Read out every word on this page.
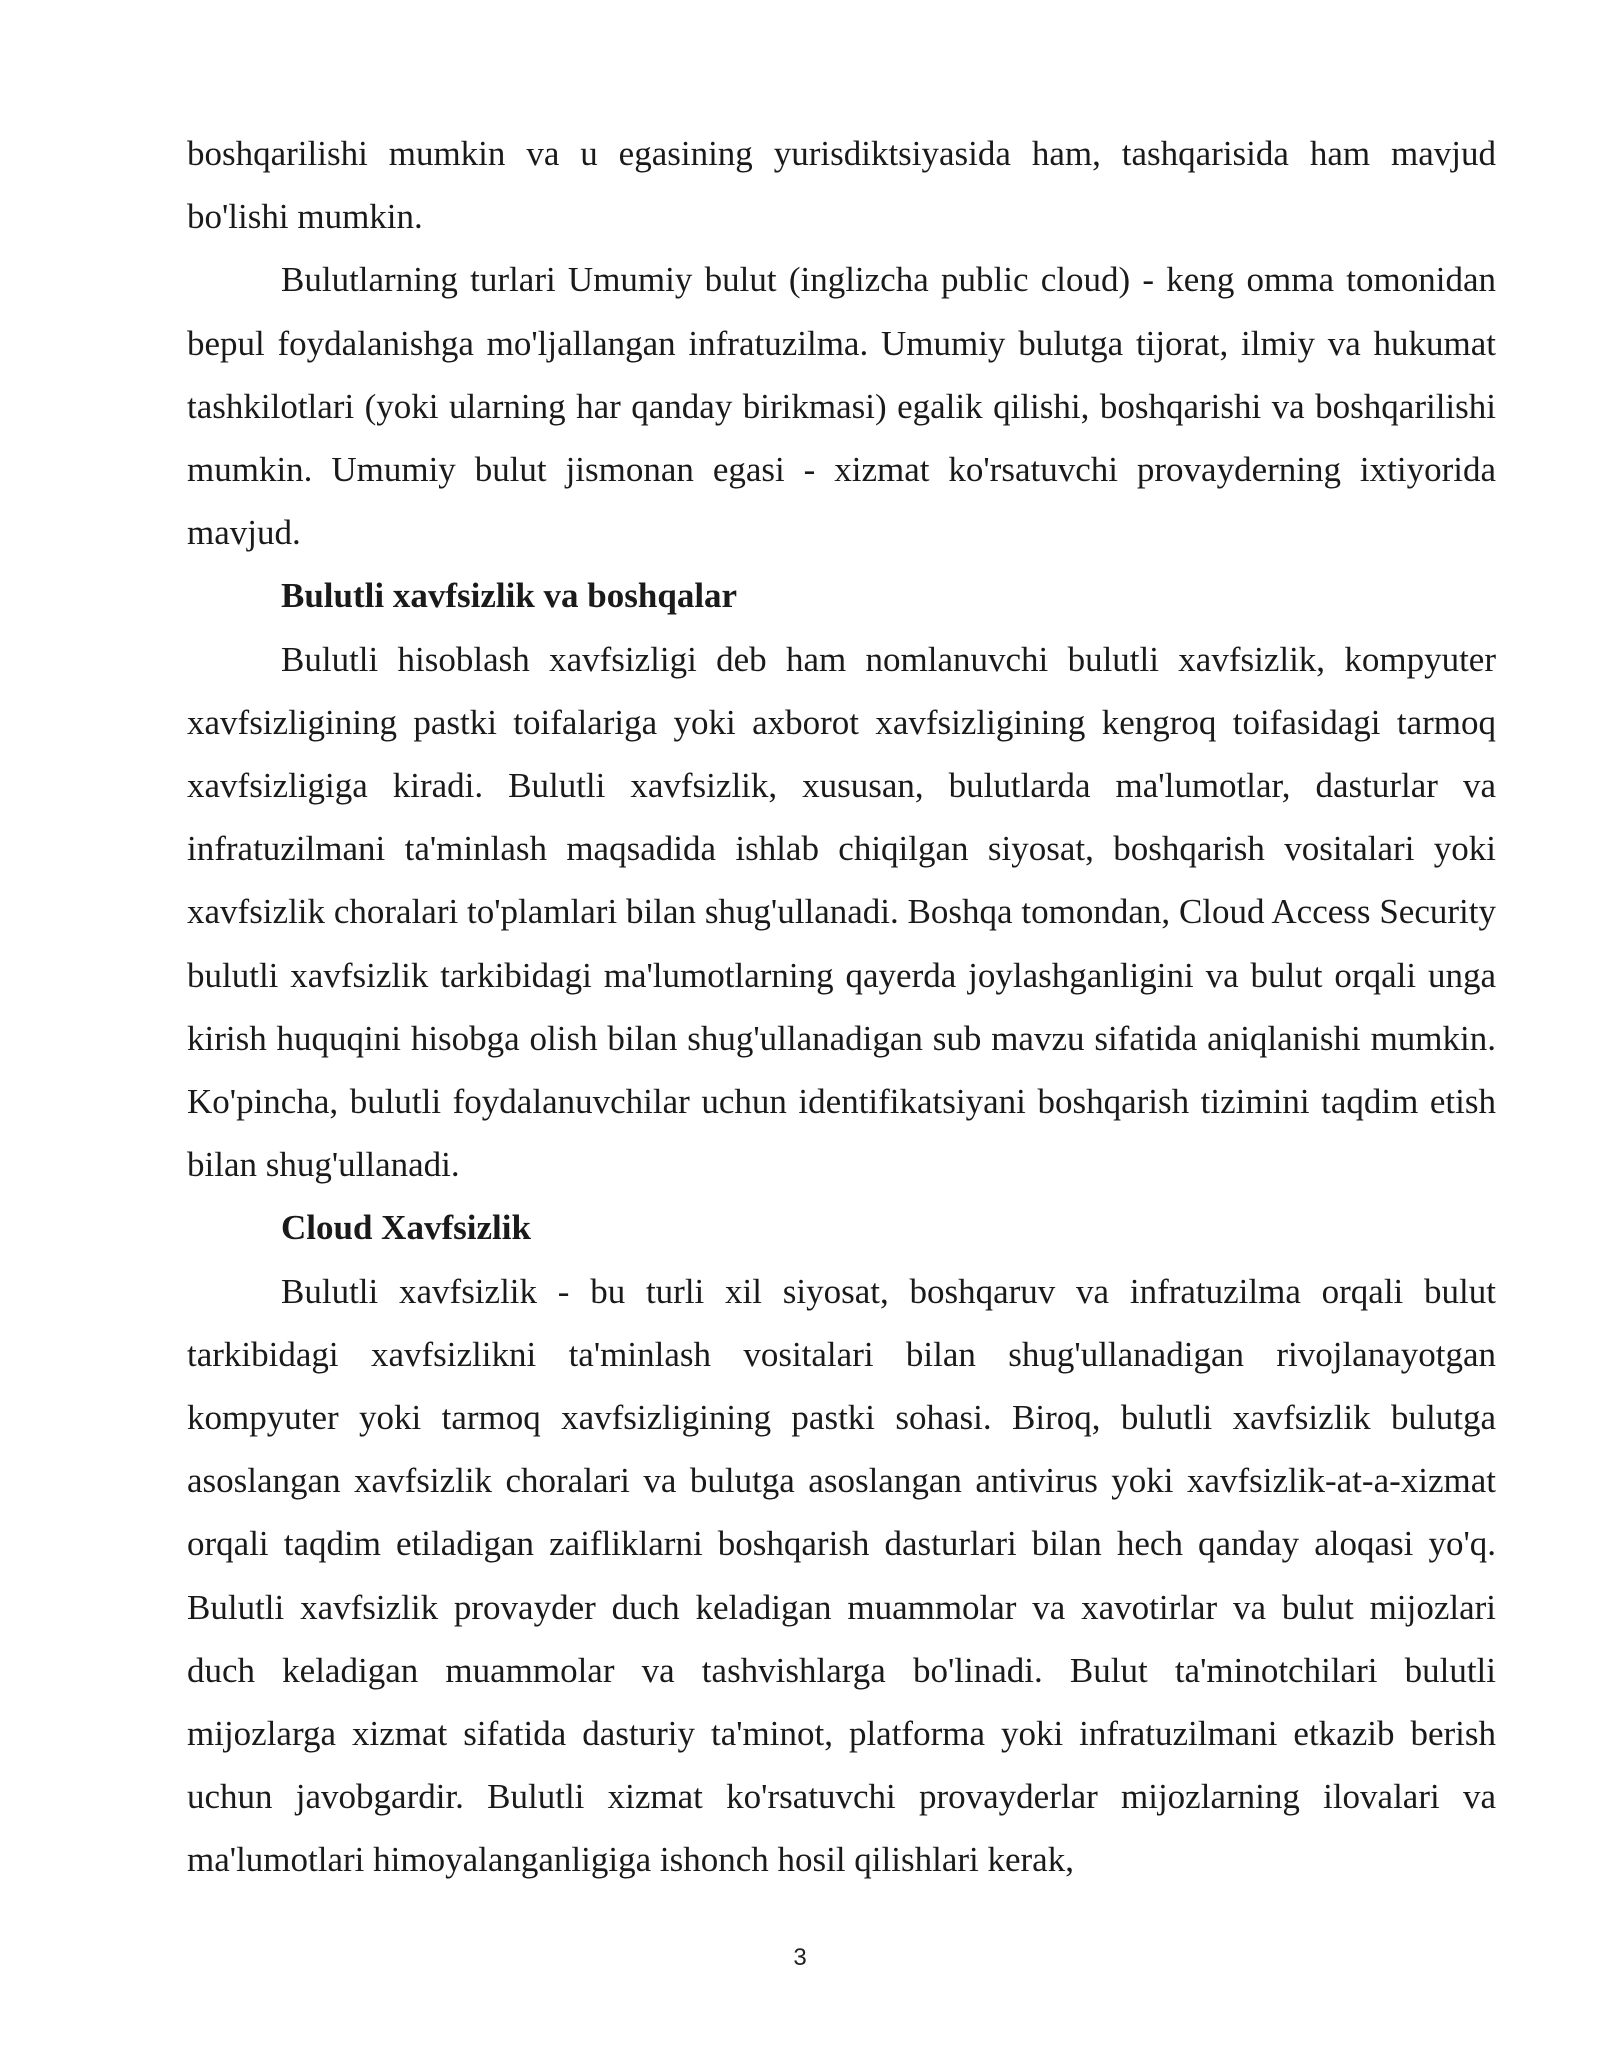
boshqarilishi mumkin va u egasining yurisdiktsiyasida ham, tashqarisida ham mavjud bo'lishi mumkin.

Bulutlarning turlari Umumiy bulut (inglizcha public cloud) - keng omma tomonidan bepul foydalanishga mo'ljallangan infratuzilma. Umumiy bulutga tijorat, ilmiy va hukumat tashkilotlari (yoki ularning har qanday birikmasi) egalik qilishi, boshqarishi va boshqarilishi mumkin. Umumiy bulut jismonan egasi - xizmat ko'rsatuvchi provayderning ixtiyorida mavjud.

Bulutli xavfsizlik va boshqalar

Bulutli hisoblash xavfsizligi deb ham nomlanuvchi bulutli xavfsizlik, kompyuter xavfsizligining pastki toifalariga yoki axborot xavfsizligining kengroq toifasidagi tarmoq xavfsizligiga kiradi. Bulutli xavfsizlik, xususan, bulutlarda ma'lumotlar, dasturlar va infratuzilmani ta'minlash maqsadida ishlab chiqilgan siyosat, boshqarish vositalari yoki xavfsizlik choralari to'plamlari bilan shug'ullanadi. Boshqa tomondan, Cloud Access Security bulutli xavfsizlik tarkibidagi ma'lumotlarning qayerda joylashganligini va bulut orqali unga kirish huquqini hisobga olish bilan shug'ullanadigan sub mavzu sifatida aniqlanishi mumkin. Ko'pincha, bulutli foydalanuvchilar uchun identifikatsiyani boshqarish tizimini taqdim etish bilan shug'ullanadi.

Cloud Xavfsizlik

Bulutli xavfsizlik - bu turli xil siyosat, boshqaruv va infratuzilma orqali bulut tarkibidagi xavfsizlikni ta'minlash vositalari bilan shug'ullanadigan rivojlanayotgan kompyuter yoki tarmoq xavfsizligining pastki sohasi. Biroq, bulutli xavfsizlik bulutga asoslangan xavfsizlik choralari va bulutga asoslangan antivirus yoki xavfsizlik-at-a-xizmat orqali taqdim etiladigan zaifliklarni boshqarish dasturlari bilan hech qanday aloqasi yo'q. Bulutli xavfsizlik provayder duch keladigan muammolar va xavotirlar va bulut mijozlari duch keladigan muammolar va tashvishlarga bo'linadi. Bulut ta'minotchilari bulutli mijozlarga xizmat sifatida dasturiy ta'minot, platforma yoki infratuzilmani etkazib berish uchun javobgardir. Bulutli xizmat ko'rsatuvchi provayderlar mijozlarning ilovalari va ma'lumotlari himoyalanganligiga ishonch hosil qilishlari kerak,

3
